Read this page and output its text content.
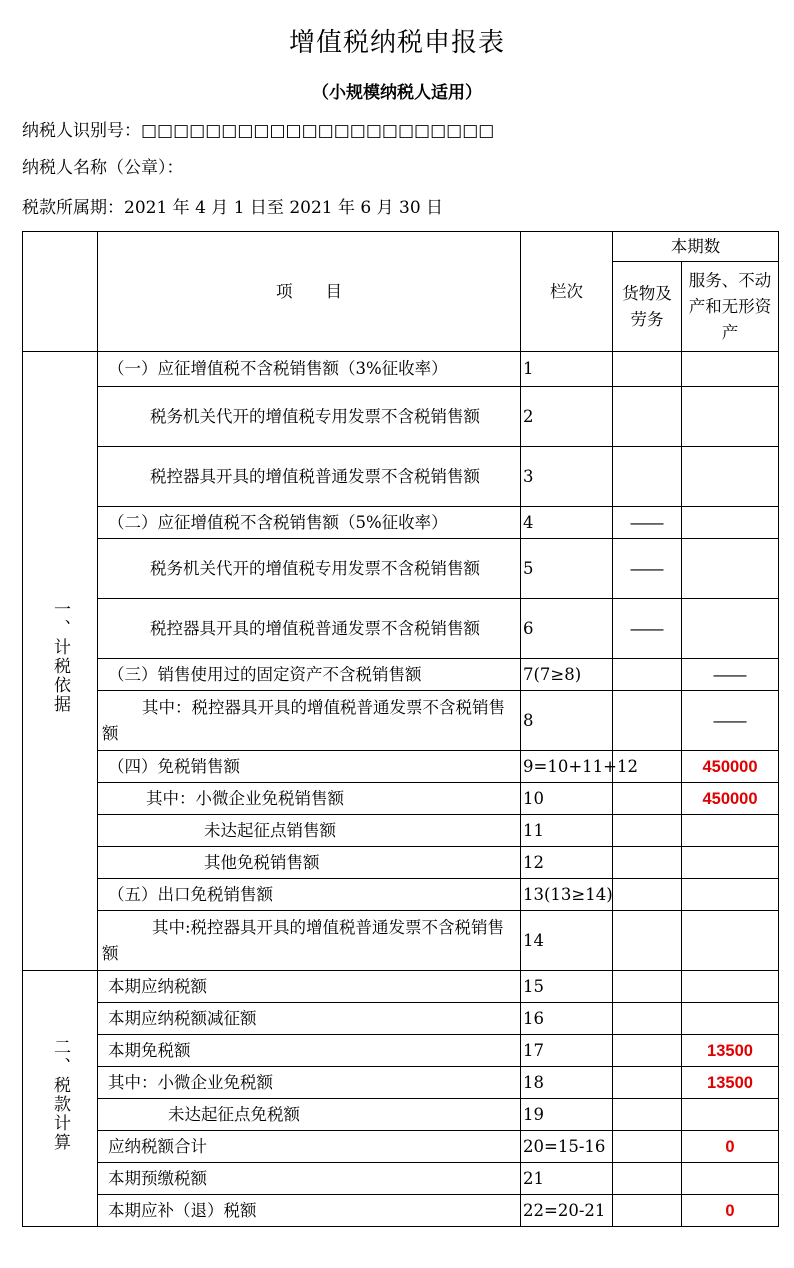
增值税纳税申报表
（小规模纳税人适用）
纳税人识别号：□□□□□□□□□□□□□□□□□□□□□□
纳税人名称（公章）：
税款所属期：2021 年 4 月 1 日至 2021 年 6 月 30 日
	项　　目	栏次	本期数	
			货物及劳务	服务、不动产和无形资产
一、计税依据	（一）应征增值税不含税销售额（3%征收率）	1		
	税务机关代开的增值税专用发票不含税销售额	2		
	税控器具开具的增值税普通发票不含税销售额	3		
	（二）应征增值税不含税销售额（5%征收率）	4	——	
	税务机关代开的增值税专用发票不含税销售额	5	——	
	税控器具开具的增值税普通发票不含税销售额	6	——	
	（三）销售使用过的固定资产不含税销售额	7(7≥8)		——
	其中：税控器具开具的增值税普通发票不含税销售额	8		——
	（四）免税销售额	9=10+11+12		450000
	其中：小微企业免税销售额	10		450000
	未达起征点销售额	11		
	其他免税销售额	12		
	（五）出口免税销售额	13(13≥14)		
	其中:税控器具开具的增值税普通发票不含税销售额	14		
二、税款计算	本期应纳税额	15		
	本期应纳税额减征额	16		
	本期免税额	17		13500
	其中：小微企业免税额	18		13500
	未达起征点免税额	19		
	应纳税额合计	20=15-16		0
	本期预缴税额	21		
	本期应补（退）税额	22=20-21		0
